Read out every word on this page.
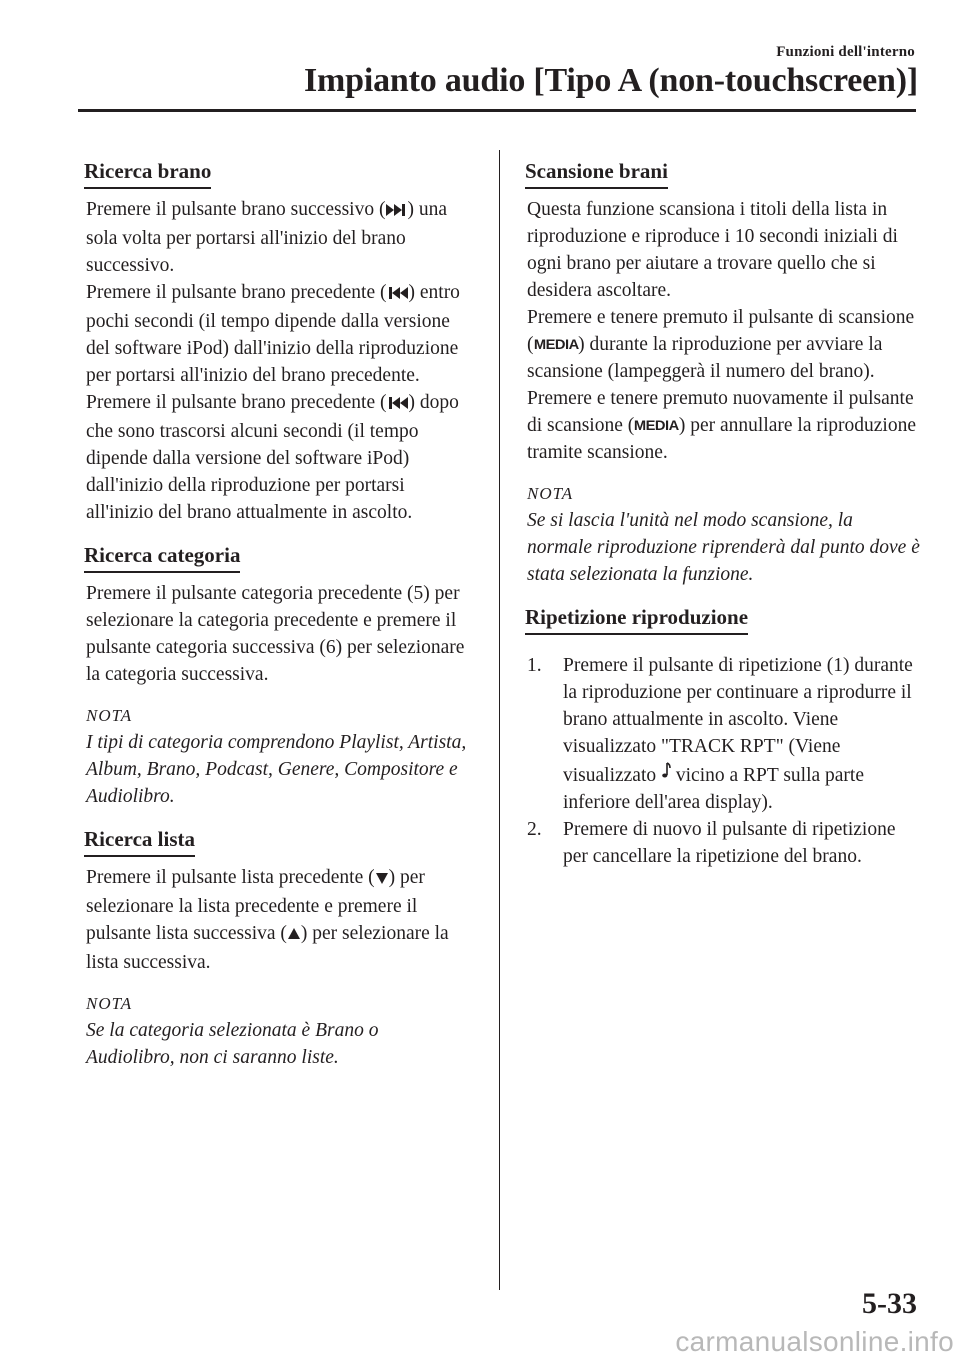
Funzioni dell'interno
Impianto audio [Tipo A (non-touchscreen)]
Ricerca brano

Premere il pulsante brano successivo ( ) una sola volta per portarsi all'inizio del brano successivo.

Premere il pulsante brano precedente ( ) entro pochi secondi (il tempo dipende dalla versione del software iPod) dall'inizio della riproduzione per portarsi all'inizio del brano precedente.

Premere il pulsante brano precedente ( ) dopo che sono trascorsi alcuni secondi (il tempo dipende dalla versione del software iPod) dall'inizio della riproduzione per portarsi all'inizio del brano attualmente in ascolto.

Ricerca categoria

Premere il pulsante categoria precedente (5) per selezionare la categoria precedente e premere il pulsante categoria successiva (6) per selezionare la categoria successiva.

NOTA

I tipi di categoria comprendono Playlist, Artista, Album, Brano, Podcast, Genere, Compositore e Audiolibro.

Ricerca lista

Premere il pulsante lista precedente ( ) per selezionare la lista precedente e premere il pulsante lista successiva ( ) per selezionare la lista successiva.

NOTA

Se la categoria selezionata è Brano o Audiolibro, non ci saranno liste.

Scansione brani

Questa funzione scansiona i titoli della lista in riproduzione e riproduce i 10 secondi iniziali di ogni brano per aiutare a trovare quello che si desidera ascoltare.

Premere e tenere premuto il pulsante di scansione (MEDIA) durante la riproduzione per avviare la scansione (lampeggerà il numero del brano). Premere e tenere premuto nuovamente il pulsante di scansione (MEDIA) per annullare la riproduzione tramite scansione.

NOTA

Se si lascia l'unità nel modo scansione, la normale riproduzione riprenderà dal punto dove è stata selezionata la funzione.

Ripetizione riproduzione
1. Premere il pulsante di ripetizione (1) durante la riproduzione per continuare a riprodurre il brano attualmente in ascolto. Viene visualizzato "TRACK RPT" (Viene visualizzato  vicino a RPT sulla parte inferiore dell'area display).
2. Premere di nuovo il pulsante di ripetizione per cancellare la ripetizione del brano.
5-33
carmanualsonline.info
